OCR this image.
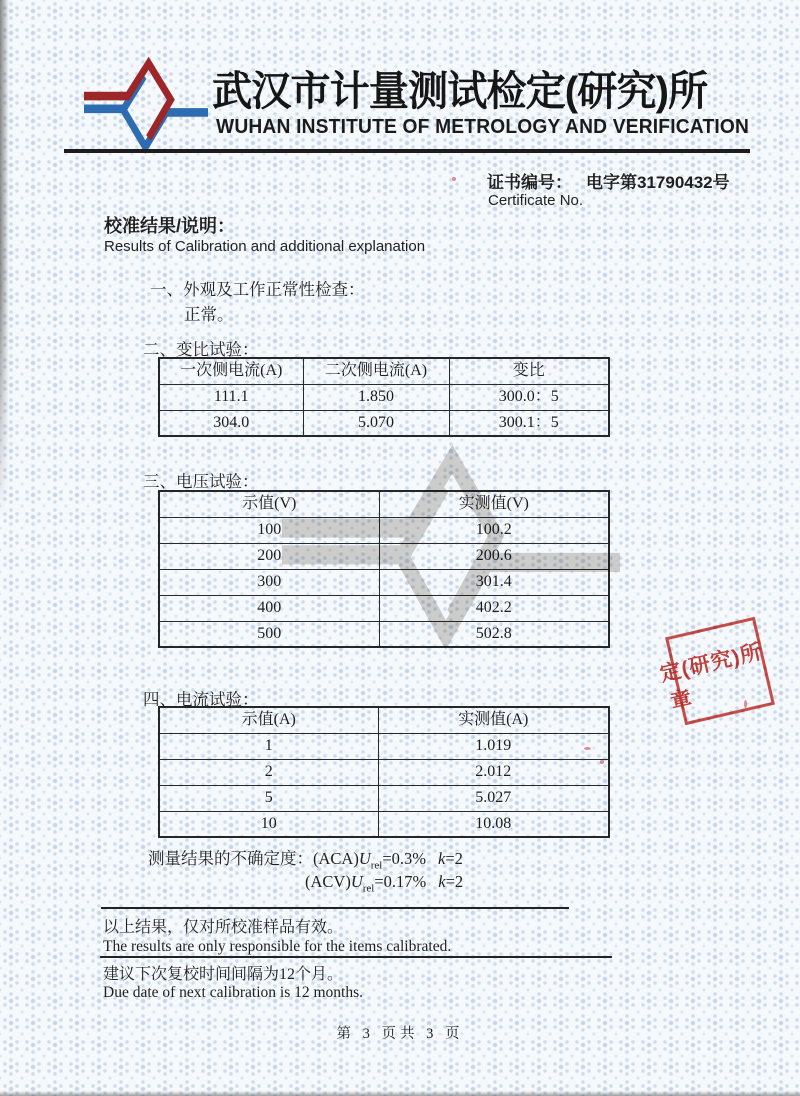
武汉市计量测试检定(研究)所
WUHAN INSTITUTE OF METROLOGY AND VERIFICATION
证书编号： 电字第31790432号
Certificate No.
校准结果/说明：
Results of Calibration and additional explanation
一、外观及工作正常性检查：
正常。
二、变比试验：
一次侧电流(A)	二次侧电流(A)	变比
111.1	1.850	300.0：5
304.0	5.070	300.1：5
三、电压试验：
示值(V)	实测值(V)
100	100.2
200	200.6
300	301.4
400	402.2
500	502.8
四、电流试验：
示值(A)	实测值(A)
1	1.019
2	2.012
5	5.027
10	10.08
测量结果的不确定度：$(ACA)U_{rel}=0.3\%$ k=2
$(ACV)U_{rel}=0.17\%$ k=2
定(研究)所
章
以上结果，仅对所校准样品有效。
The results are only responsible for the items calibrated.
建议下次复校时间间隔为12个月。
Due date of next calibration is 12 months.
第 3 页共 3 页
